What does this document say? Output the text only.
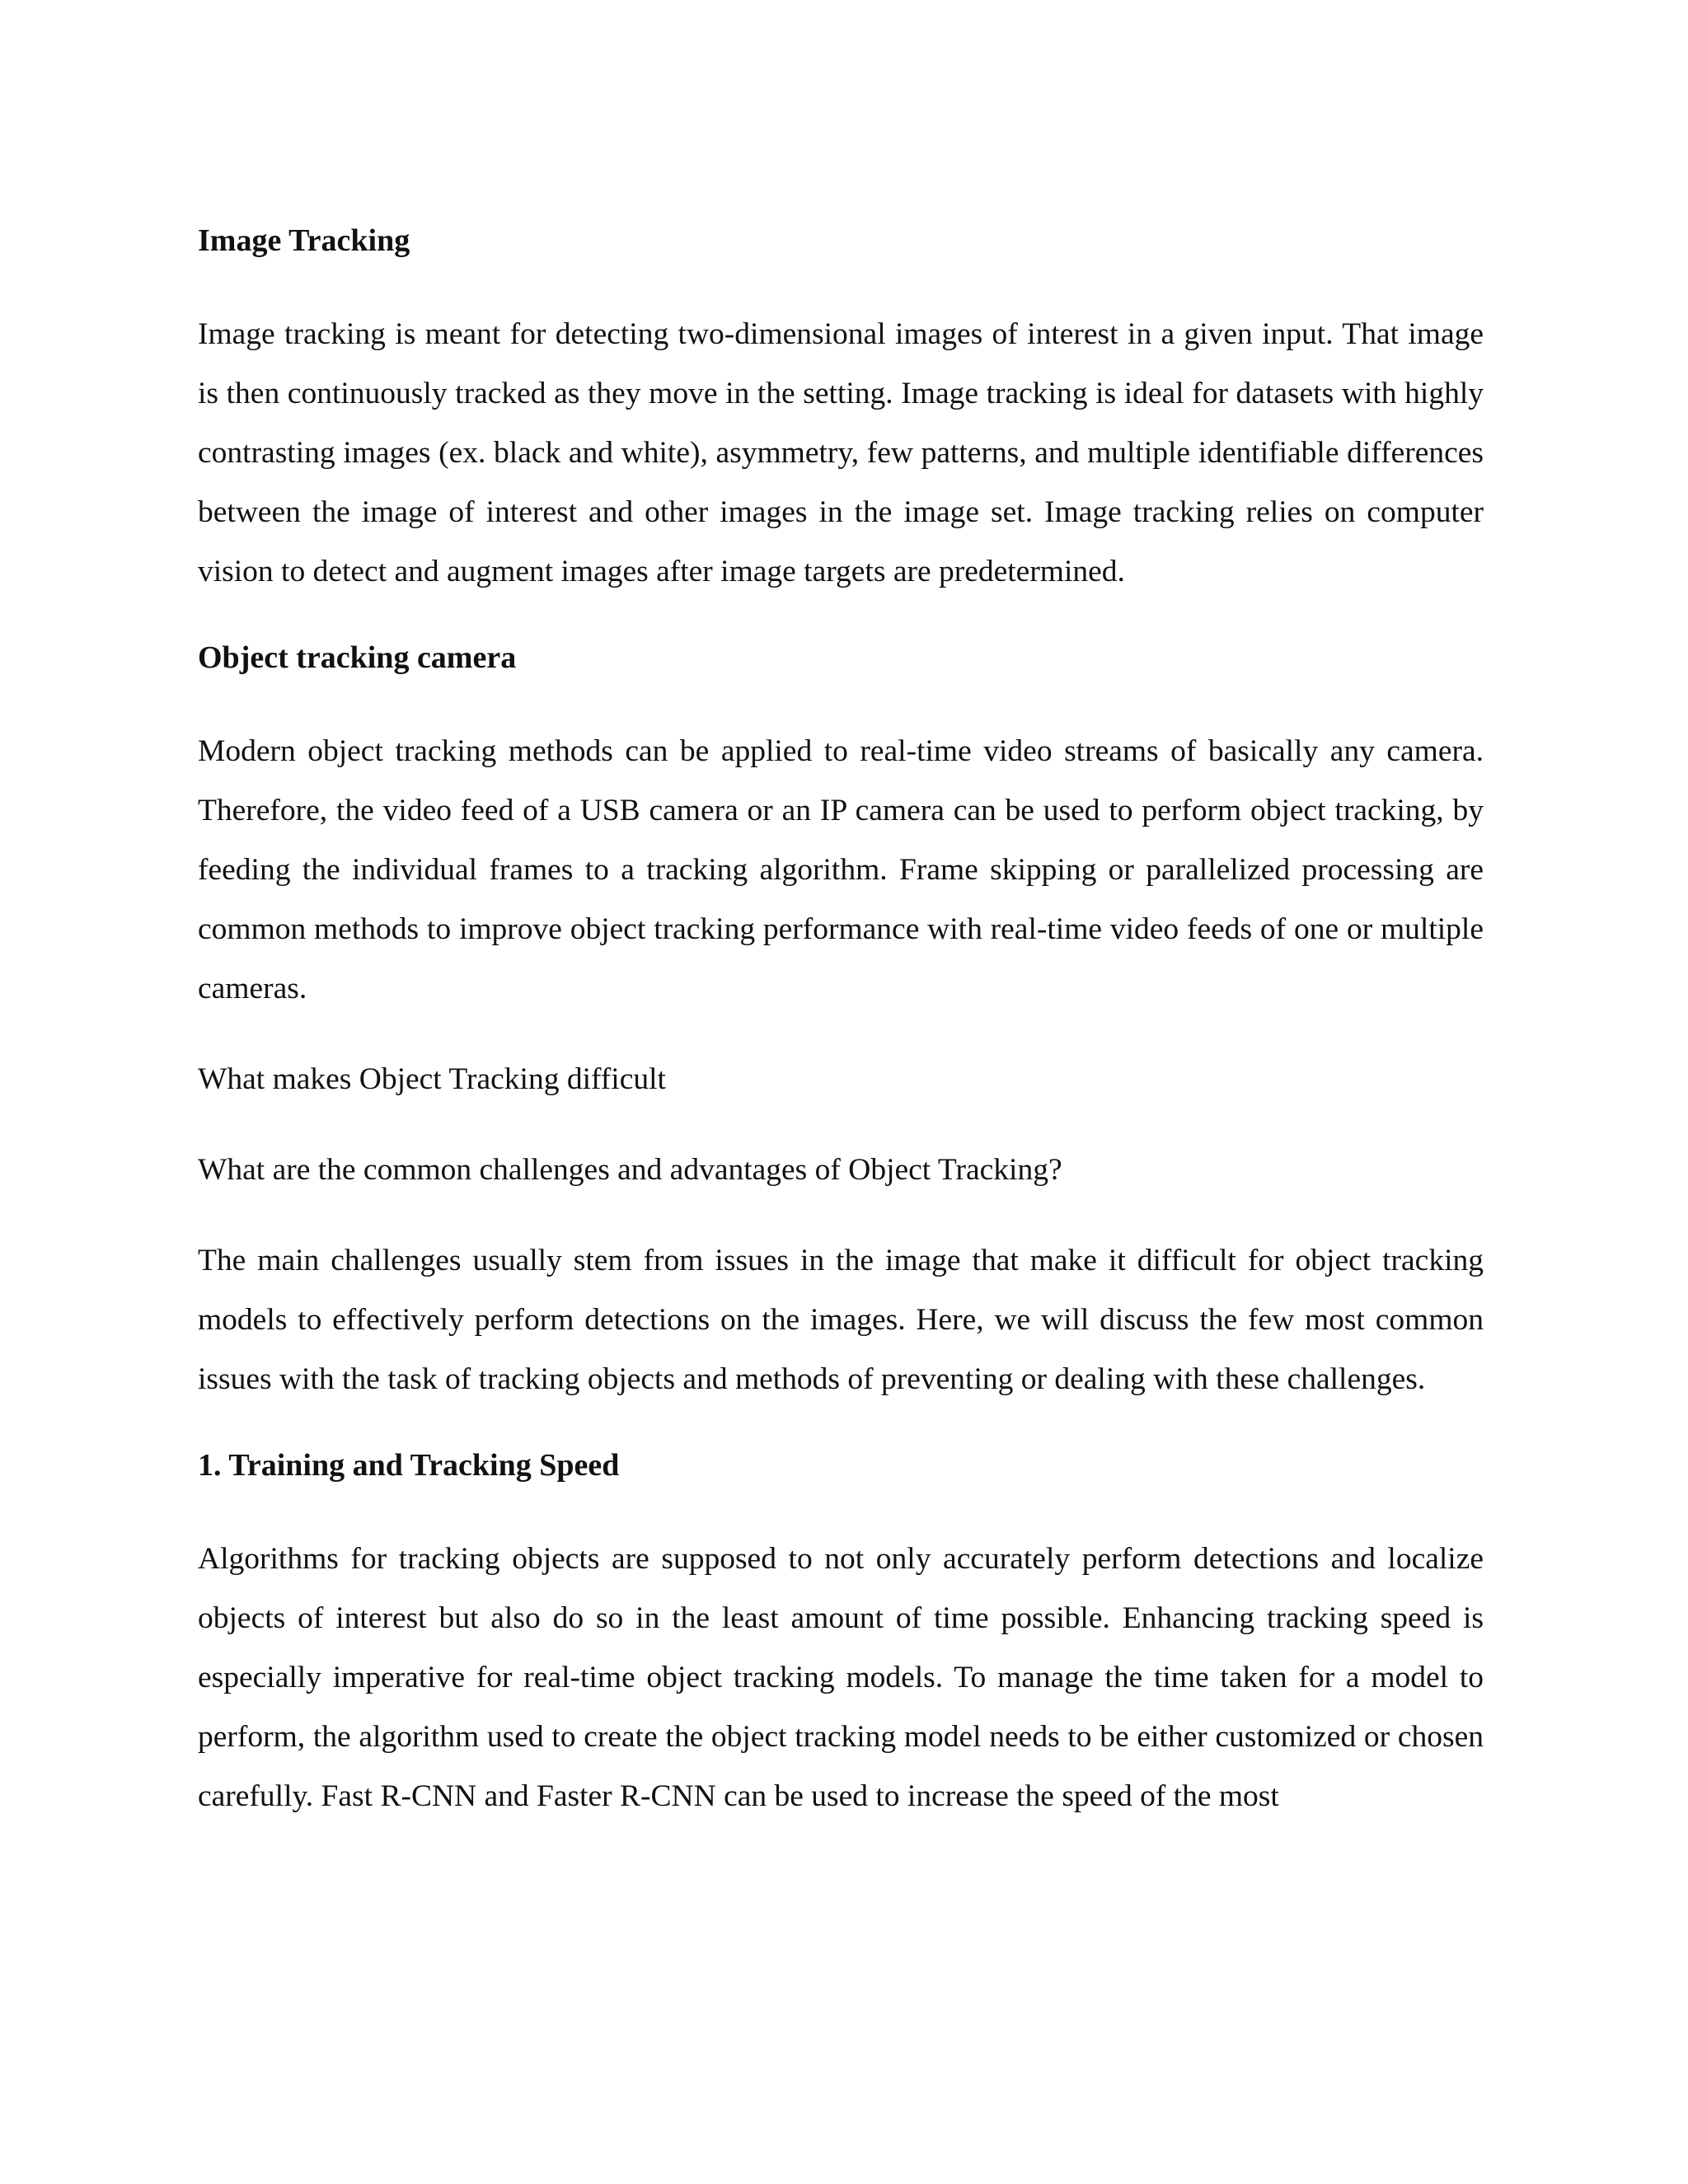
Image Tracking

Image tracking is meant for detecting two-dimensional images of interest in a given input. That image is then continuously tracked as they move in the setting. Image tracking is ideal for datasets with highly contrasting images (ex. black and white), asymmetry, few patterns, and multiple identifiable differences between the image of interest and other images in the image set. Image tracking relies on computer vision to detect and augment images after image targets are predetermined.

Object tracking camera

Modern object tracking methods can be applied to real-time video streams of basically any camera. Therefore, the video feed of a USB camera or an IP camera can be used to perform object tracking, by feeding the individual frames to a tracking algorithm. Frame skipping or parallelized processing are common methods to improve object tracking performance with real-time video feeds of one or multiple cameras.

What makes Object Tracking difficult

What are the common challenges and advantages of Object Tracking?

The main challenges usually stem from issues in the image that make it difficult for object tracking models to effectively perform detections on the images. Here, we will discuss the few most common issues with the task of tracking objects and methods of preventing or dealing with these challenges.

1. Training and Tracking Speed

Algorithms for tracking objects are supposed to not only accurately perform detections and localize objects of interest but also do so in the least amount of time possible. Enhancing tracking speed is especially imperative for real-time object tracking models. To manage the time taken for a model to perform, the algorithm used to create the object tracking model needs to be either customized or chosen carefully. Fast R-CNN and Faster R-CNN can be used to increase the speed of the most
